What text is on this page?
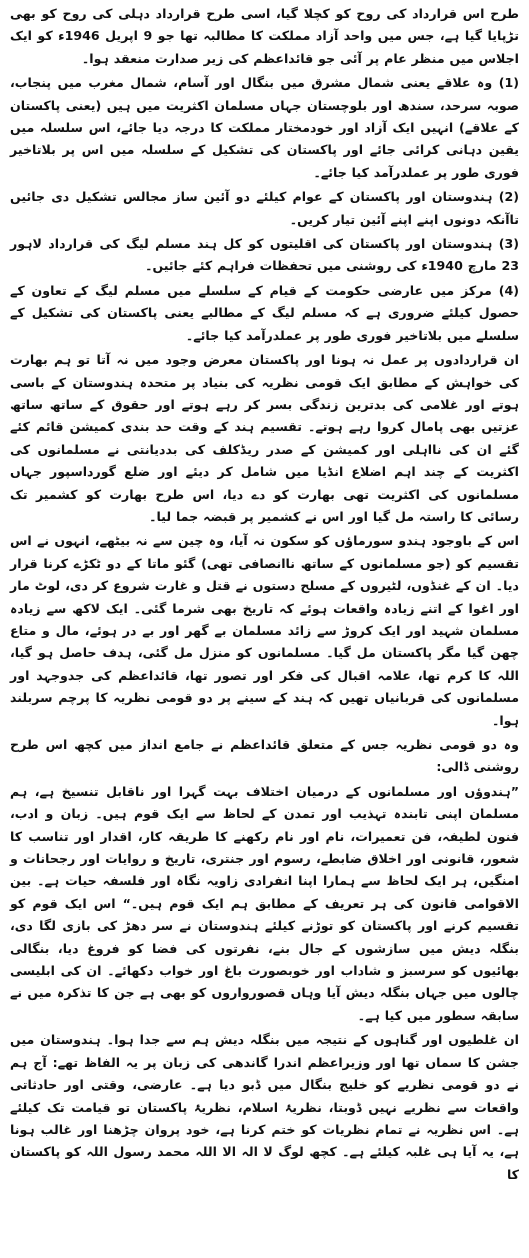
طرح اس قرارداد کی روح کو کچلا گیا، اسی طرح قرارداد دہلی کی روح کو بھی تڑپایا گیا ہے، جس میں واحد آزاد مملکت کا مطالبہ تھا جو 9 اپریل 1946ء کو ایک اجلاس میں منظر عام پر آئی جو قائداعظم کی زیر صدارت منعقد ہوا۔

(1) وہ علاقے یعنی شمال مشرق میں بنگال اور آسام، شمال مغرب میں پنجاب، صوبہ سرحد، سندھ اور بلوچستان جہاں مسلمان اکثریت میں ہیں (یعنی پاکستان کے علاقے) انہیں ایک آزاد اور خودمختار مملکت کا درجہ دیا جائے، اس سلسلہ میں یقین دہانی کرائی جائے اور پاکستان کی تشکیل کے سلسلہ میں اس پر بلاتاخیر فوری طور پر عملدرآمد کیا جائے۔

(2) ہندوستان اور پاکستان کے عوام کیلئے دو آئین ساز مجالس تشکیل دی جائیں تاآنکہ دونوں اپنے اپنے آئین تیار کریں۔

(3) ہندوستان اور پاکستان کی اقلیتوں کو کل ہند مسلم لیگ کی قرارداد لاہور 23 مارچ 1940ء کی روشنی میں تحفظات فراہم کئے جائیں۔

(4) مرکز میں عارضی حکومت کے قیام کے سلسلے میں مسلم لیگ کے تعاون کے حصول کیلئے ضروری ہے کہ مسلم لیگ کے مطالبے یعنی پاکستان کی تشکیل کے سلسلے میں بلاتاخیر فوری طور پر عملدرآمد کیا جائے۔

ان قراردادوں پر عمل نہ ہونا اور پاکستان معرض وجود میں نہ آتا تو ہم بھارت کی خواہش کے مطابق ایک قومی نظریہ کی بنیاد پر متحدہ ہندوستان کے باسی ہوتے اور غلامی کی بدترین زندگی بسر کر رہے ہوتے اور حقوق کے ساتھ ساتھ عزتیں بھی پامال کروا رہے ہوتے۔ تقسیم ہند کے وقت حد بندی کمیشن قائم کئے گئے ان کی نااہلی اور کمیشن کے صدر ریڈکلف کی بددیانتی نے مسلمانوں کی اکثریت کے چند اہم اضلاع انڈیا میں شامل کر دیئے اور ضلع گورداسپور جہاں مسلمانوں کی اکثریت تھی بھارت کو دے دیا، اس طرح بھارت کو کشمیر تک رسائی کا راستہ مل گیا اور اس نے کشمیر پر قبضہ جما لیا۔

اس کے باوجود ہندو سورماؤں کو سکون نہ آیا، وہ چین سے نہ بیٹھے، انہوں نے اس تقسیم کو (جو مسلمانوں کے ساتھ ناانصافی تھی) گئو ماتا کے دو ٹکڑے کرنا قرار دیا۔ ان کے غنڈوں، لٹیروں کے مسلح دستوں نے قتل و غارت شروع کر دی، لوٹ مار اور اغوا کے اتنے زیادہ واقعات ہوئے کہ تاریخ بھی شرما گئی۔ ایک لاکھ سے زیادہ مسلمان شہید اور ایک کروڑ سے زائد مسلمان بے گھر اور بے در ہوئے، مال و متاع چھن گیا مگر پاکستان مل گیا۔ مسلمانوں کو منزل مل گئی، ہدف حاصل ہو گیا، اللہ کا کرم تھا، علامہ اقبال کی فکر اور تصور تھا، قائداعظم کی جدوجہد اور مسلمانوں کی قربانیاں تھیں کہ ہند کے سینے پر دو قومی نظریہ کا پرچم سربلند ہوا۔

وہ دو قومی نظریہ جس کے متعلق قائداعظم نے جامع انداز میں کچھ اس طرح روشنی ڈالی:

”ہندوؤں اور مسلمانوں کے درمیان اختلاف بہت گہرا اور ناقابل تنسیخ ہے، ہم مسلمان اپنی تابندہ تہذیب اور تمدن کے لحاظ سے ایک قوم ہیں۔ زبان و ادب، فنون لطیفہ، فن تعمیرات، نام اور نام رکھنے کا طریقہ کار، اقدار اور تناسب کا شعور، قانونی اور اخلاق ضابطے، رسوم اور جنتری، تاریخ و روایات اور رجحانات و امنگیں، ہر ایک لحاظ سے ہمارا اپنا انفرادی زاویہ نگاہ اور فلسفہ حیات ہے۔ بین الاقوامی قانون کی ہر تعریف کے مطابق ہم ایک قوم ہیں۔“ اس ایک قوم کو تقسیم کرنے اور پاکستان کو توڑنے کیلئے ہندوستان نے سر دھڑ کی بازی لگا دی، بنگلہ دیش میں سازشوں کے جال بنے، نفرتوں کی فضا کو فروغ دیا، بنگالی بھائیوں کو سرسبز و شاداب اور خوبصورت باغ اور خواب دکھائے۔ ان کی ابلیسی چالوں میں جہاں بنگلہ دیش آیا وہاں قصورواروں کو بھی ہے جن کا تذکرہ میں نے سابقہ سطور میں کیا ہے۔

ان غلطیوں اور گناہوں کے نتیجہ میں بنگلہ دیش ہم سے جدا ہوا۔ ہندوستان میں جشن کا سماں تھا اور وزیراعظم اندرا گاندھی کی زبان پر یہ الفاظ تھے: آج ہم نے دو قومی نظریے کو خلیج بنگال میں ڈبو دیا ہے۔ عارضی، وقتی اور حادثاتی واقعات سے نظریے نہیں ڈوبتا، نظریۂ اسلام، نظریۂ پاکستان تو قیامت تک کیلئے ہے۔ اس نظریہ نے تمام نظریات کو ختم کرنا ہے، خود پروان چڑھنا اور غالب ہونا ہے، یہ آیا ہی غلبہ کیلئے ہے۔ کچھ لوگ لا الہ الا اللہ محمد رسول اللہ کو پاکستان کا
